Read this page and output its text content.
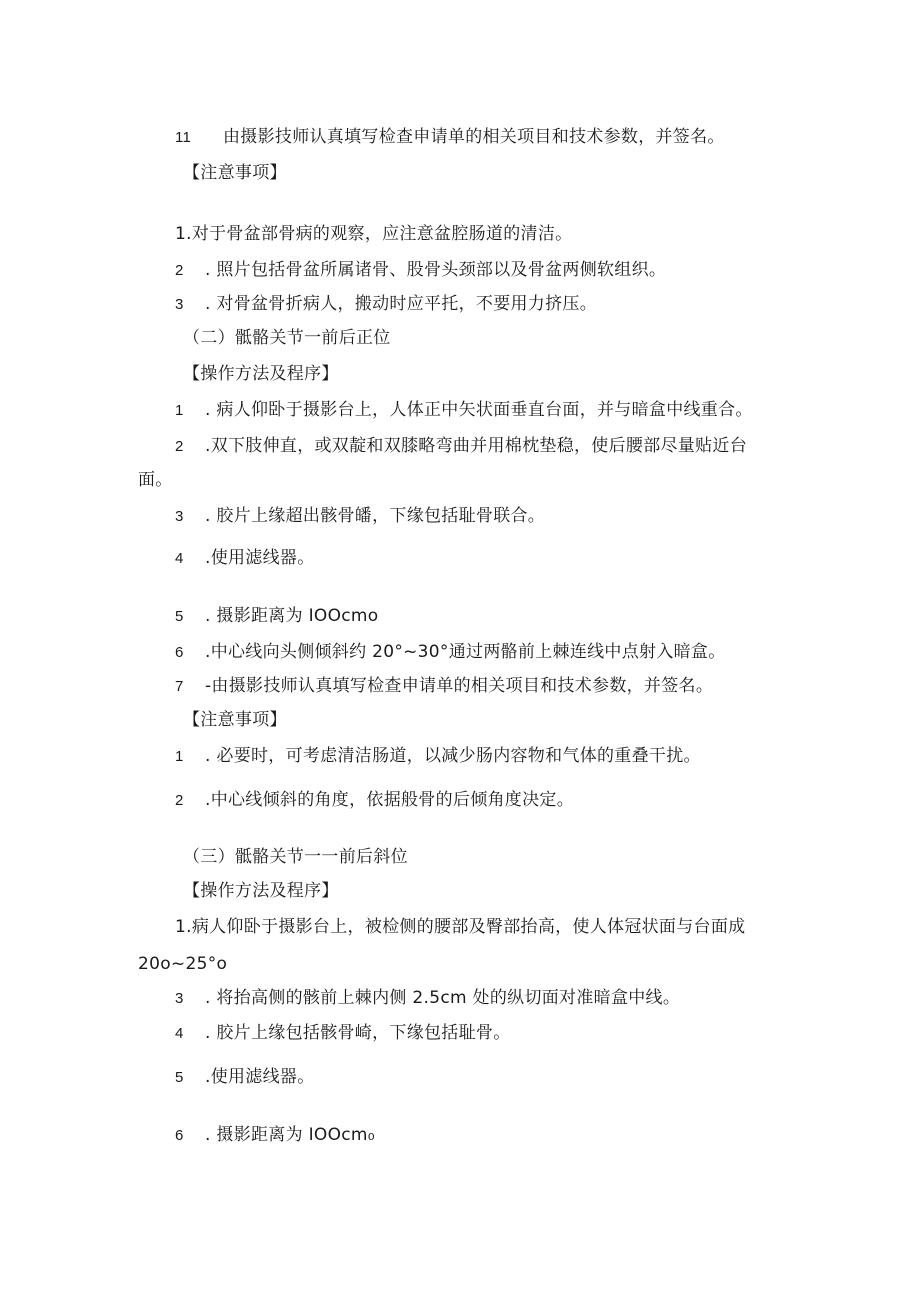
11 由摄影技师认真填写检查申请单的相关项目和技术参数，并签名。
【注意事项】
1.对于骨盆部骨病的观察，应注意盆腔肠道的清洁。
2 . 照片包括骨盆所属诸骨、股骨头颈部以及骨盆两侧软组织。
3 . 对骨盆骨折病人，搬动时应平托，不要用力挤压。
（二）骶骼关节一前后正位
【操作方法及程序】
1 . 病人仰卧于摄影台上，人体正中矢状面垂直台面，并与暗盒中线重合。
2 .双下肢伸直，或双靛和双膝略弯曲并用棉枕垫稳，使后腰部尽量贴近台
面。
3 . 胶片上缘超出骸骨皤，下缘包括耻骨联合。
4 .使用滤线器。
5 . 摄影距离为 IOOcmo
6 .中心线向头侧倾斜约 20°~30°通过两骼前上棘连线中点射入暗盒。
7 -由摄影技师认真填写检查申请单的相关项目和技术参数，并签名。
【注意事项】
1 . 必要时，可考虑清洁肠道，以减少肠内容物和气体的重叠干扰。
2 .中心线倾斜的角度，依据般骨的后倾角度决定。
（三）骶骼关节一一前后斜位
【操作方法及程序】
1.病人仰卧于摄影台上，被检侧的腰部及臀部抬高，使人体冠状面与台面成
20o~25°o
3 . 将抬高侧的骸前上棘内侧 2.5cm 处的纵切面对准暗盒中线。
4 . 胶片上缘包括骸骨崎，下缘包括耻骨。
5 .使用滤线器。
6 . 摄影距离为 IOOcm₀
